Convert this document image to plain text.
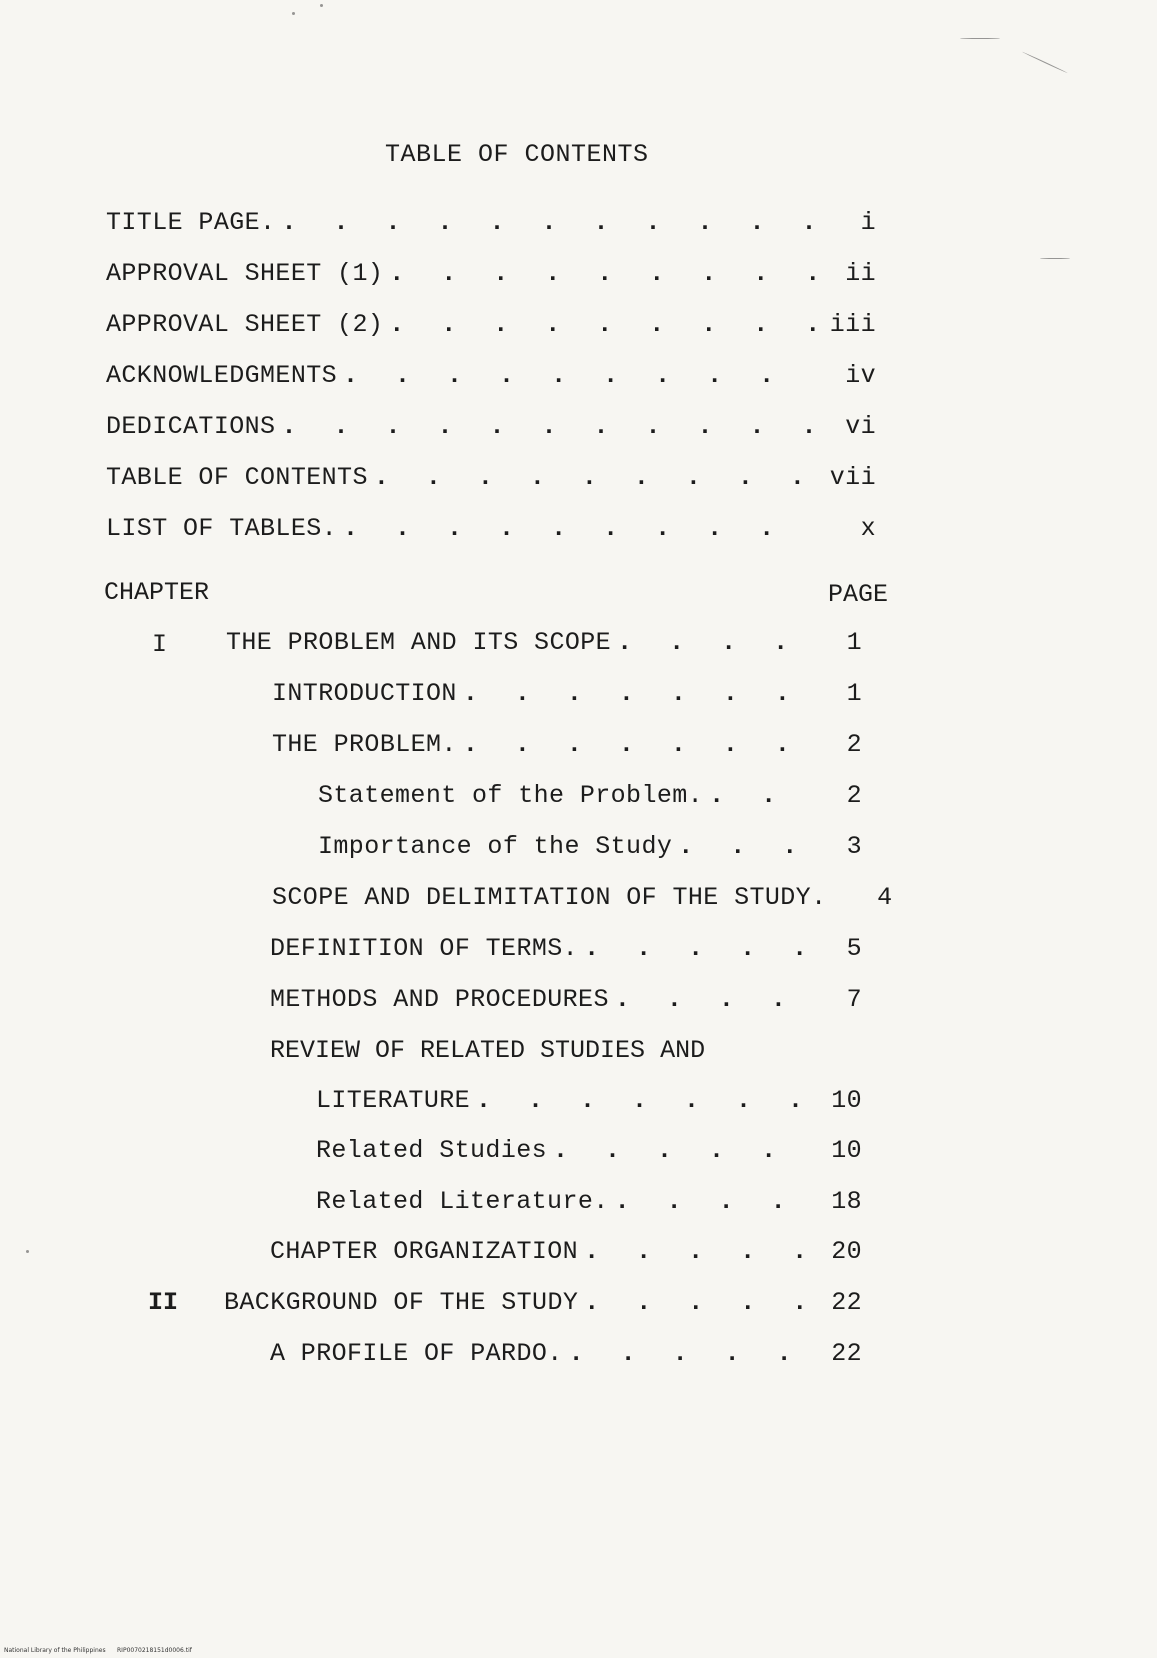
TABLE OF CONTENTS
TITLE PAGE. . . .	i
APPROVAL SHEET (1) . . .	ii
APPROVAL SHEET (2) . . .	iii
ACKNOWLEDGMENTS . . .	iv
DEDICATIONS . . .	vi
TABLE OF CONTENTS . . .	vii
LIST OF TABLES. . . .	x
CHAPTER	PAGE
I THE PROBLEM AND ITS SCOPE . . .	1
INTRODUCTION . . .	1
THE PROBLEM. . . .	2
Statement of the Problem. . . .	2
Importance of the Study . . .	3
SCOPE AND DELIMITATION OF THE STUDY.	4
DEFINITION OF TERMS. . . .	5
METHODS AND PROCEDURES . . .	7
REVIEW OF RELATED STUDIES AND
LITERATURE . . .	10
Related Studies . . .	10
Related Literature. . . .	18
CHAPTER ORGANIZATION . . .	20
II BACKGROUND OF THE STUDY . . .	22
A PROFILE OF PARDO. . . .	22
National Library of the Philippines      RIP0070218151d0006.tif
